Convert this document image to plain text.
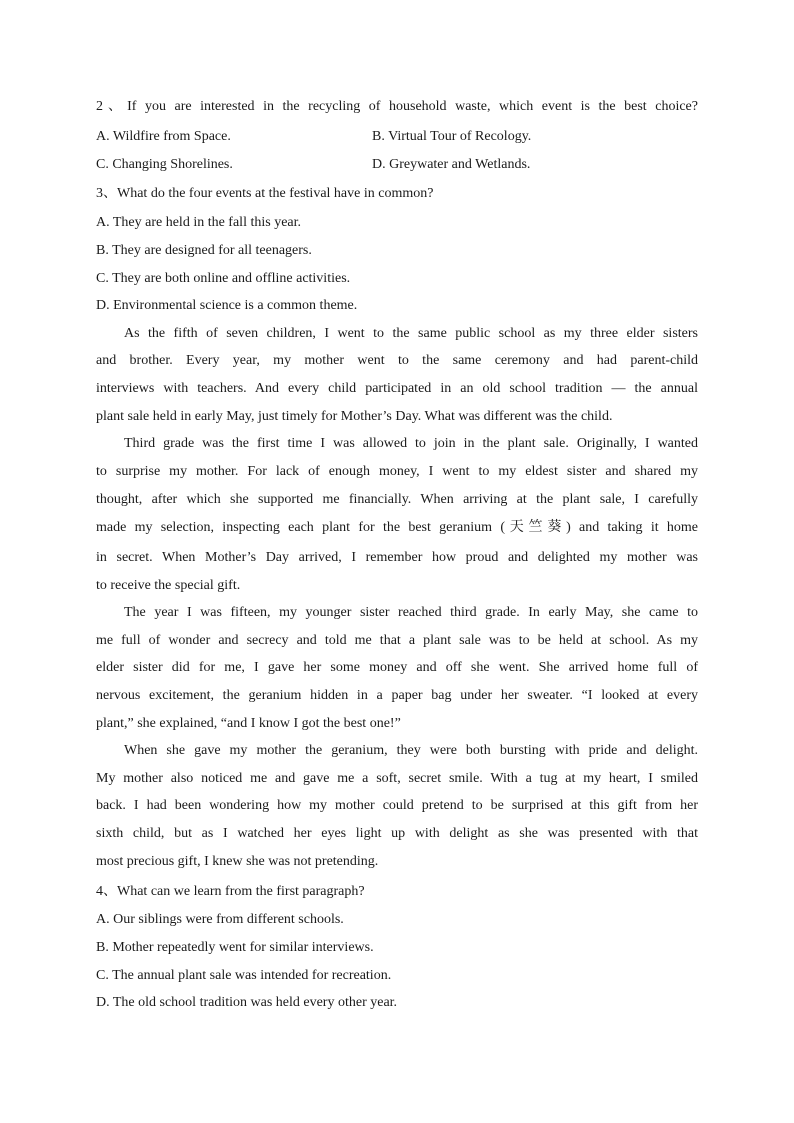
2、If you are interested in the recycling of household waste, which event is the best choice?
A. Wildfire from Space.	B. Virtual Tour of Recology.
C. Changing Shorelines.	D. Greywater and Wetlands.
3、What do the four events at the festival have in common?
A. They are held in the fall this year.
B. They are designed for all teenagers.
C. They are both online and offline activities.
D. Environmental science is a common theme.
As the fifth of seven children, I went to the same public school as my three elder sisters
and brother. Every year, my mother went to the same ceremony and had parent-child
interviews with teachers. And every child participated in an old school tradition — the annual
plant sale held in early May, just timely for Mother’s Day. What was different was the child.
Third grade was the first time I was allowed to join in the plant sale. Originally, I wanted
to surprise my mother. For lack of enough money, I went to my eldest sister and shared my
thought, after which she supported me financially. When arriving at the plant sale, I carefully
made my selection, inspecting each plant for the best geranium (天竺葵) and taking it home
in secret. When Mother’s Day arrived, I remember how proud and delighted my mother was
to receive the special gift.
The year I was fifteen, my younger sister reached third grade. In early May, she came to
me full of wonder and secrecy and told me that a plant sale was to be held at school. As my
elder sister did for me, I gave her some money and off she went. She arrived home full of
nervous excitement, the geranium hidden in a paper bag under her sweater. “I looked at every
plant,” she explained, “and I know I got the best one!”
When she gave my mother the geranium, they were both bursting with pride and delight.
My mother also noticed me and gave me a soft, secret smile. With a tug at my heart, I smiled
back. I had been wondering how my mother could pretend to be surprised at this gift from her
sixth child, but as I watched her eyes light up with delight as she was presented with that
most precious gift, I knew she was not pretending.
4、What can we learn from the first paragraph?
A. Our siblings were from different schools.
B. Mother repeatedly went for similar interviews.
C. The annual plant sale was intended for recreation.
D. The old school tradition was held every other year.
